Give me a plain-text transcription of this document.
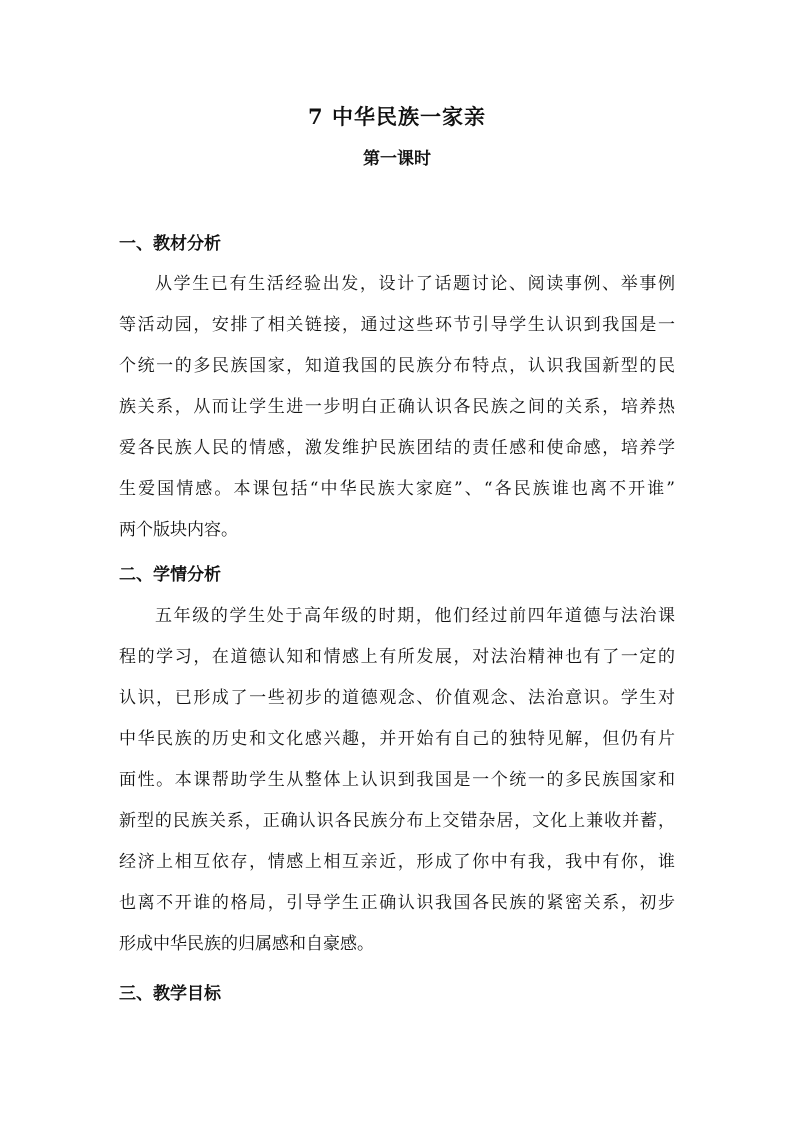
7 中华民族一家亲
第一课时
一、教材分析
从学生已有生活经验出发，设计了话题讨论、阅读事例、举事例
等活动园，安排了相关链接，通过这些环节引导学生认识到我国是一
个统一的多民族国家，知道我国的民族分布特点，认识我国新型的民
族关系，从而让学生进一步明白正确认识各民族之间的关系，培养热
爱各民族人民的情感，激发维护民族团结的责任感和使命感，培养学
生爱国情感。本课包括“中华民族大家庭”、“各民族谁也离不开谁”
两个版块内容。
二、学情分析
五年级的学生处于高年级的时期，他们经过前四年道德与法治课
程的学习，在道德认知和情感上有所发展，对法治精神也有了一定的
认识，已形成了一些初步的道德观念、价值观念、法治意识。学生对
中华民族的历史和文化感兴趣，并开始有自己的独特见解，但仍有片
面性。本课帮助学生从整体上认识到我国是一个统一的多民族国家和
新型的民族关系，正确认识各民族分布上交错杂居，文化上兼收并蓄，
经济上相互依存，情感上相互亲近，形成了你中有我，我中有你，谁
也离不开谁的格局，引导学生正确认识我国各民族的紧密关系，初步
形成中华民族的归属感和自豪感。
三、教学目标
